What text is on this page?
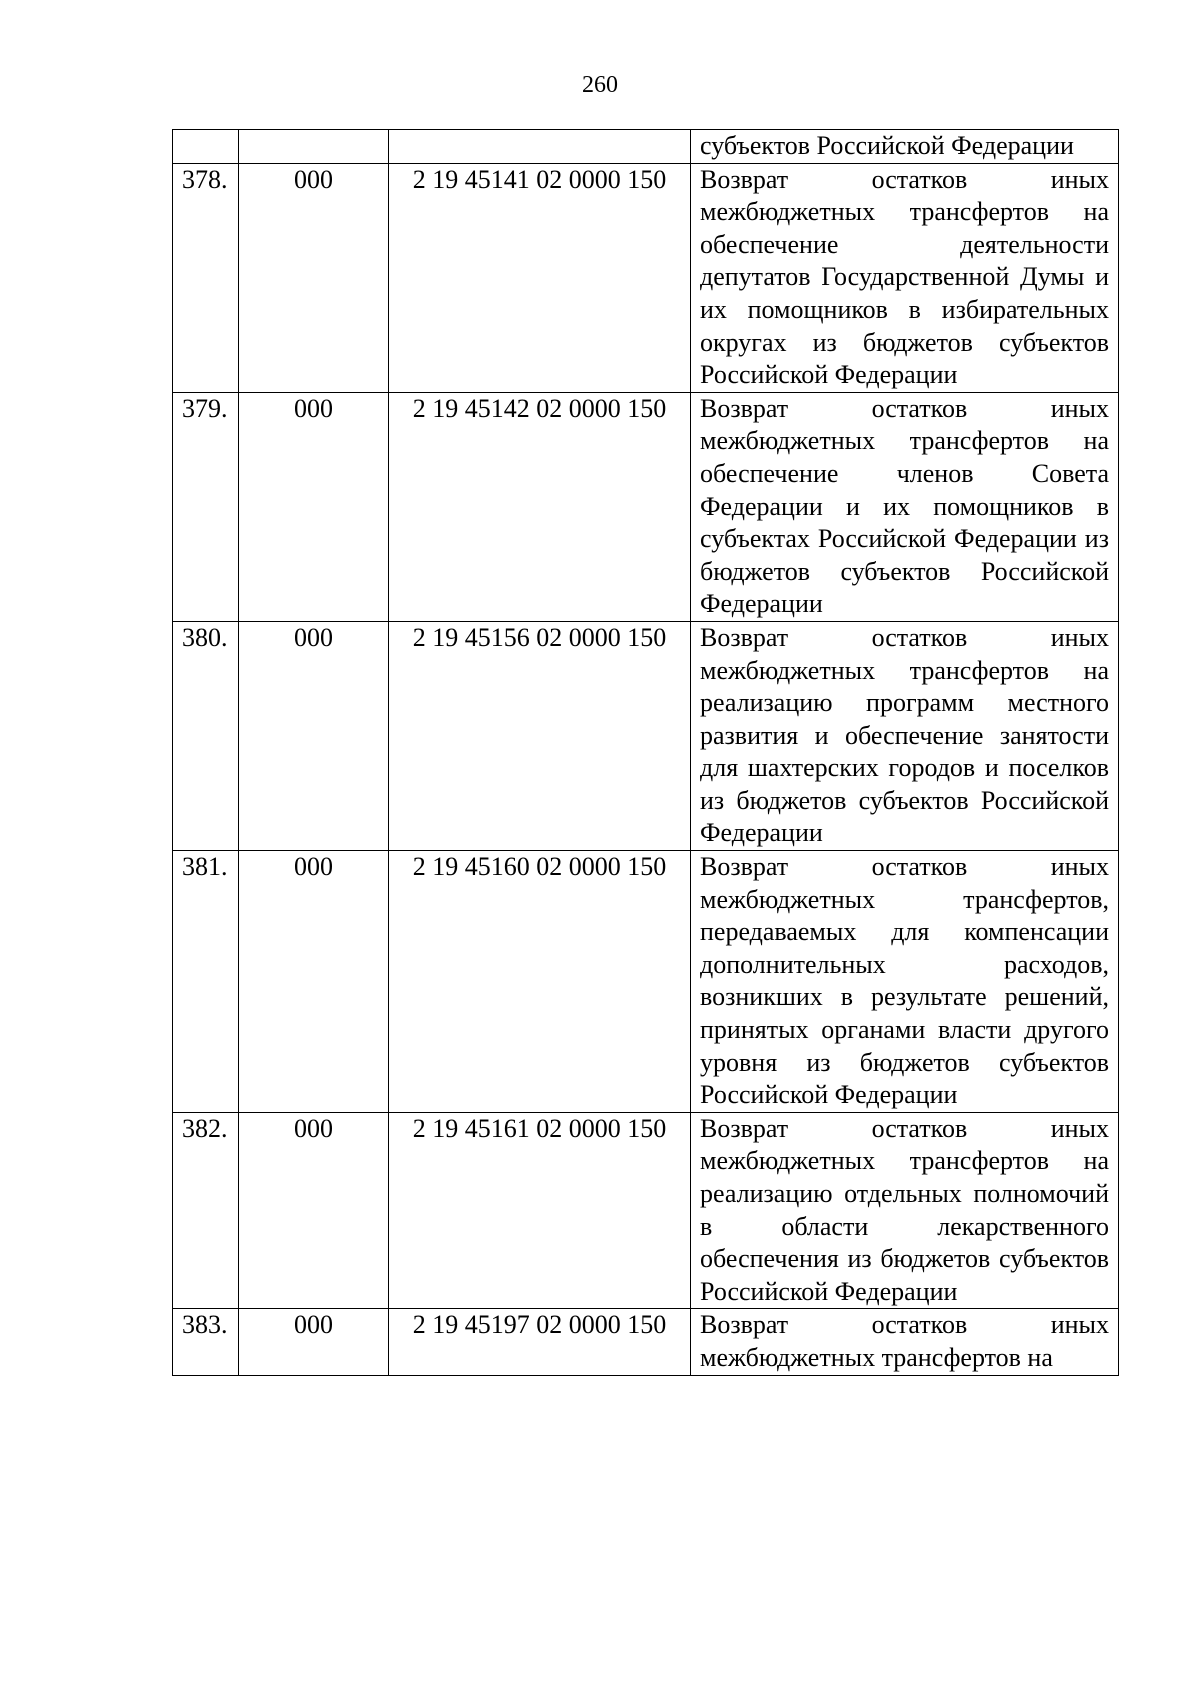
260
			субъектов Российской Федерации
378.	000	2 19 45141 02 0000 150	Возврат остатков иных межбюджетных трансфертов на обеспечение деятельности депутатов Государственной Думы и их помощников в избирательных округах из бюджетов субъектов Российской Федерации
379.	000	2 19 45142 02 0000 150	Возврат остатков иных межбюджетных трансфертов на обеспечение членов Совета Федерации и их помощников в субъектах Российской Федерации из бюджетов субъектов Российской Федерации
380.	000	2 19 45156 02 0000 150	Возврат остатков иных межбюджетных трансфертов на реализацию программ местного развития и обеспечение занятости для шахтерских городов и поселков из бюджетов субъектов Российской Федерации
381.	000	2 19 45160 02 0000 150	Возврат остатков иных межбюджетных трансфертов, передаваемых для компенсации дополнительных расходов, возникших в результате решений, принятых органами власти другого уровня из бюджетов субъектов Российской Федерации
382.	000	2 19 45161 02 0000 150	Возврат остатков иных межбюджетных трансфертов на реализацию отдельных полномочий в области лекарственного обеспечения из бюджетов субъектов Российской Федерации
383.	000	2 19 45197 02 0000 150	Возврат остатков иных межбюджетных трансфертов на
